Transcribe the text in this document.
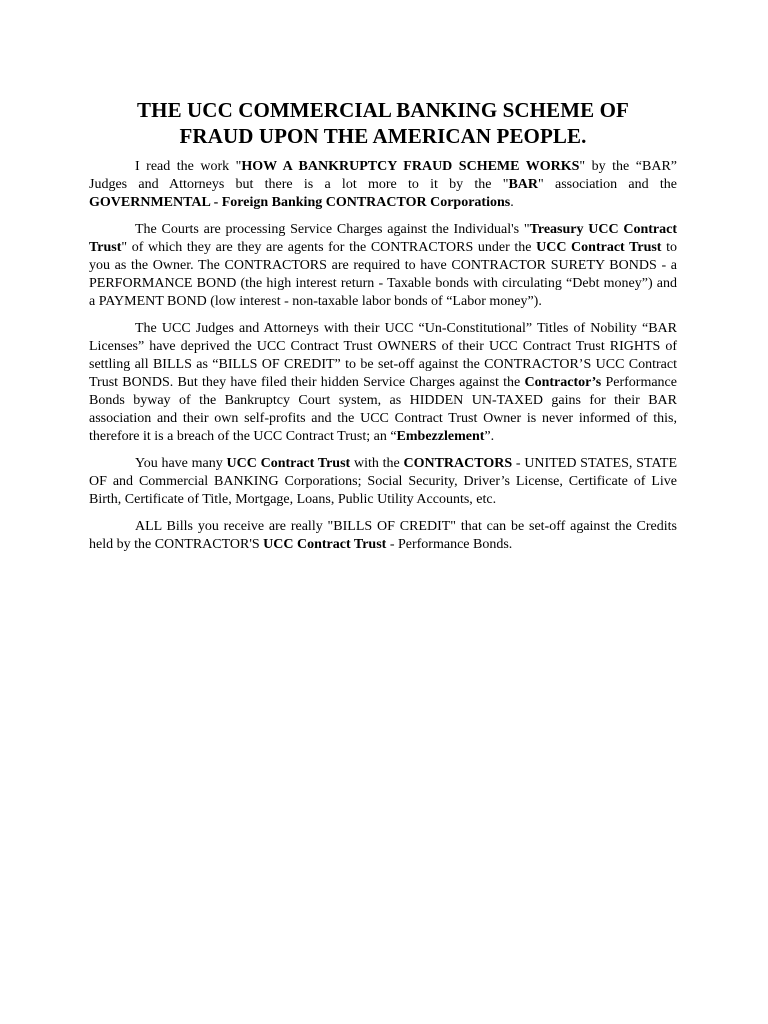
THE UCC COMMERCIAL BANKING SCHEME OF
FRAUD UPON THE AMERICAN PEOPLE.

I read the work "HOW A BANKRUPTCY FRAUD SCHEME WORKS" by the “BAR” Judges and Attorneys but there is a lot more to it by the "BAR" association and the GOVERNMENTAL - Foreign Banking CONTRACTOR Corporations.

The Courts are processing Service Charges against the Individual's "Treasury UCC Contract Trust" of which they are they are agents for the CONTRACTORS under the UCC Contract Trust to you as the Owner. The CONTRACTORS are required to have CONTRACTOR SURETY BONDS - a PERFORMANCE BOND (the high interest return - Taxable bonds with circulating “Debt money”) and a PAYMENT BOND (low interest - non-taxable labor bonds of “Labor money”).

The UCC Judges and Attorneys with their UCC “Un-Constitutional” Titles of Nobility “BAR Licenses” have deprived the UCC Contract Trust OWNERS of their UCC Contract Trust RIGHTS of settling all BILLS as “BILLS OF CREDIT” to be set-off against the CONTRACTOR’S UCC Contract Trust BONDS. But they have filed their hidden Service Charges against the Contractor’s Performance Bonds byway of the Bankruptcy Court system, as HIDDEN UN-TAXED gains for their BAR association and their own self-profits and the UCC Contract Trust Owner is never informed of this, therefore it is a breach of the UCC Contract Trust; an “Embezzlement”.

You have many UCC Contract Trust with the CONTRACTORS - UNITED STATES, STATE OF and Commercial BANKING Corporations; Social Security, Driver’s License, Certificate of Live Birth, Certificate of Title, Mortgage, Loans, Public Utility Accounts, etc.

ALL Bills you receive are really "BILLS OF CREDIT" that can be set-off against the Credits held by the CONTRACTOR'S UCC Contract Trust - Performance Bonds.
